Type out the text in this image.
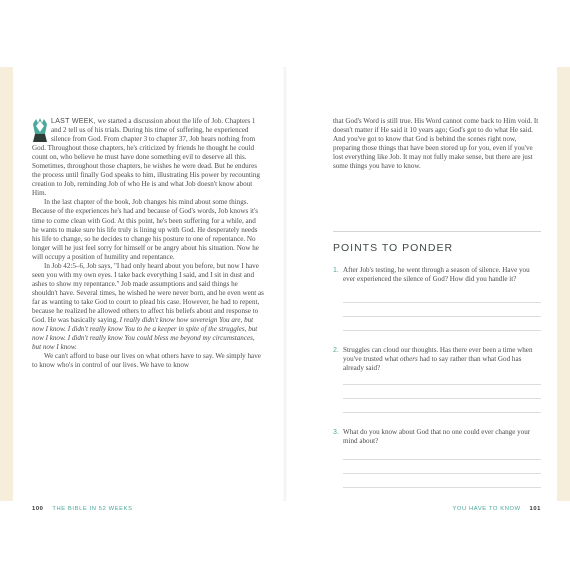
LAST WEEK, we started a discussion about the life of Job. Chapters 1 and 2 tell us of his trials. During his time of suffering, he experienced silence from God. From chapter 3 to chapter 37, Job hears nothing from God. Throughout those chapters, he's criticized by friends he thought he could count on, who believe he must have done something evil to deserve all this. Sometimes, throughout those chapters, he wishes he were dead. But he endures the process until finally God speaks to him, illustrating His power by recounting creation to Job, reminding Job of who He is and what Job doesn't know about Him.

In the last chapter of the book, Job changes his mind about some things. Because of the experiences he's had and because of God's words, Job knows it's time to come clean with God. At this point, he's been suffering for a while, and he wants to make sure his life truly is lining up with God. He desperately needs his life to change, so he decides to change his posture to one of repentance. No longer will he just feel sorry for himself or be angry about his situation. Now he will occupy a position of humility and repentance.

In Job 42:5–6, Job says, "I had only heard about you before, but now I have seen you with my own eyes. I take back everything I said, and I sit in dust and ashes to show my repentance." Job made assumptions and said things he shouldn't have. Several times, he wished he were never born, and he even went as far as wanting to take God to court to plead his case. However, he had to repent, because he realized he allowed others to affect his beliefs about and response to God. He was basically saying, I really didn't know how sovereign You are, but now I know. I didn't really know You to be a keeper in spite of the struggles, but now I know. I didn't really know You could bless me beyond my circumstances, but now I know.

We can't afford to base our lives on what others have to say. We simply have to know who's in control of our lives. We have to know

100 THE BIBLE IN 52 WEEKS
that God's Word is still true. His Word cannot come back to Him void. It doesn't matter if He said it 10 years ago; God's got to do what He said. And you've got to know that God is behind the scenes right now, preparing those things that have been stored up for you, even if you've lost everything like Job. It may not fully make sense, but there are just some things you have to know.
POINTS TO PONDER
1. After Job's testing, he went through a season of silence. Have you ever experienced the silence of God? How did you handle it?
2. Struggles can cloud our thoughts. Has there ever been a time when you've trusted what others had to say rather than what God has already said?
3. What do you know about God that no one could ever change your mind about?
YOU HAVE TO KNOW 101
